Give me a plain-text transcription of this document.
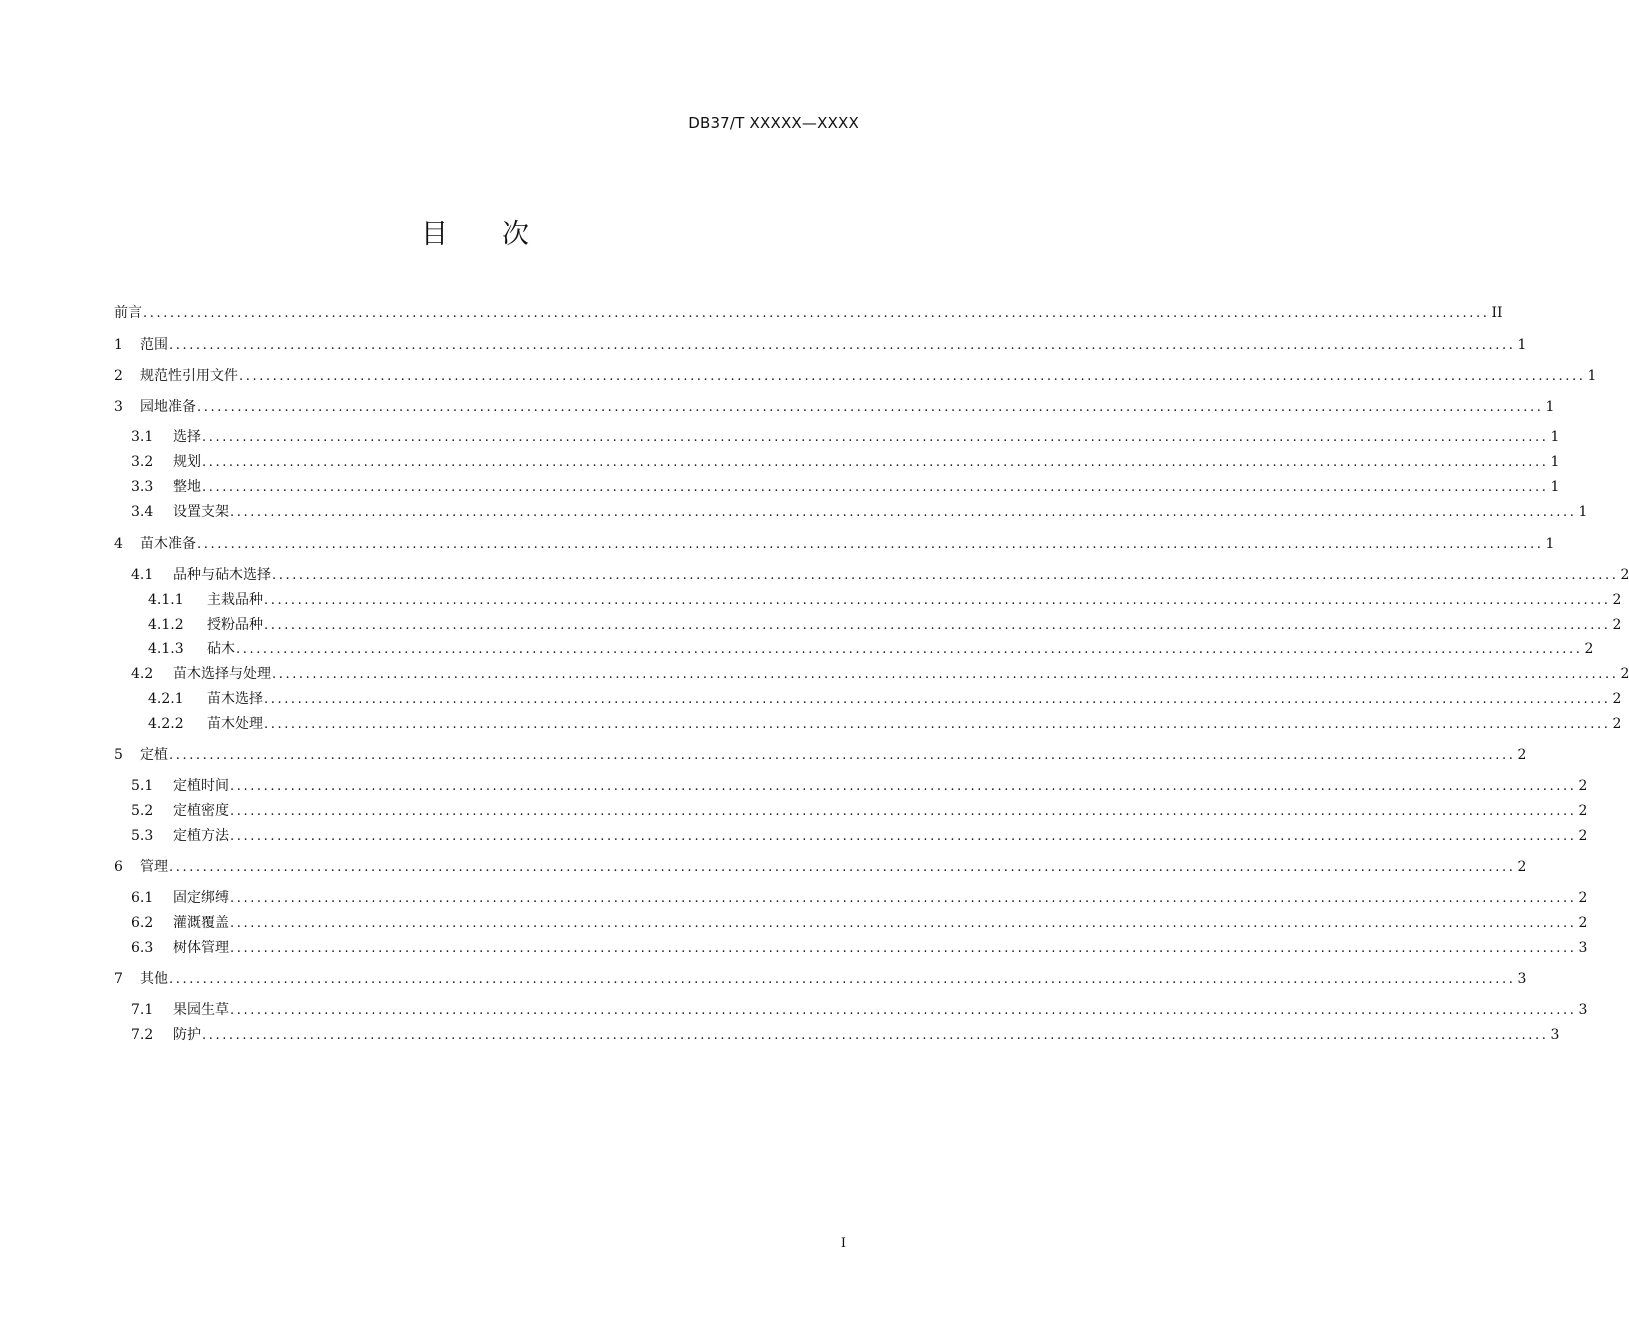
DB37/T XXXXX—XXXX
目 次
前言 ........................................................................................................................................................................................................ II
1	范围 ........................................................................................................................................................................................................ 1
2	规范性引用文件 ........................................................................................................................................................................................................ 1
3	园地准备 ........................................................................................................................................................................................................ 1
3.1	选择 ........................................................................................................................................................................................................ 1
3.2	规划 ........................................................................................................................................................................................................ 1
3.3	整地 ........................................................................................................................................................................................................ 1
3.4	设置支架 ........................................................................................................................................................................................................ 1
4	苗木准备 ........................................................................................................................................................................................................ 1
4.1	品种与砧木选择 ........................................................................................................................................................................................................ 2
4.1.1	主栽品种 ........................................................................................................................................................................................................ 2
4.1.2	授粉品种 ........................................................................................................................................................................................................ 2
4.1.3	砧木 ........................................................................................................................................................................................................ 2
4.2	苗木选择与处理 ........................................................................................................................................................................................................ 2
4.2.1	苗木选择 ........................................................................................................................................................................................................ 2
4.2.2	苗木处理 ........................................................................................................................................................................................................ 2
5	定植 ........................................................................................................................................................................................................ 2
5.1	定植时间 ........................................................................................................................................................................................................ 2
5.2	定植密度 ........................................................................................................................................................................................................ 2
5.3	定植方法 ........................................................................................................................................................................................................ 2
6	管理 ........................................................................................................................................................................................................ 2
6.1	固定绑缚 ........................................................................................................................................................................................................ 2
6.2	灌溉覆盖 ........................................................................................................................................................................................................ 2
6.3	树体管理 ........................................................................................................................................................................................................ 3
7	其他 ........................................................................................................................................................................................................ 3
7.1	果园生草 ........................................................................................................................................................................................................ 3
7.2	防护 ........................................................................................................................................................................................................ 3
I
